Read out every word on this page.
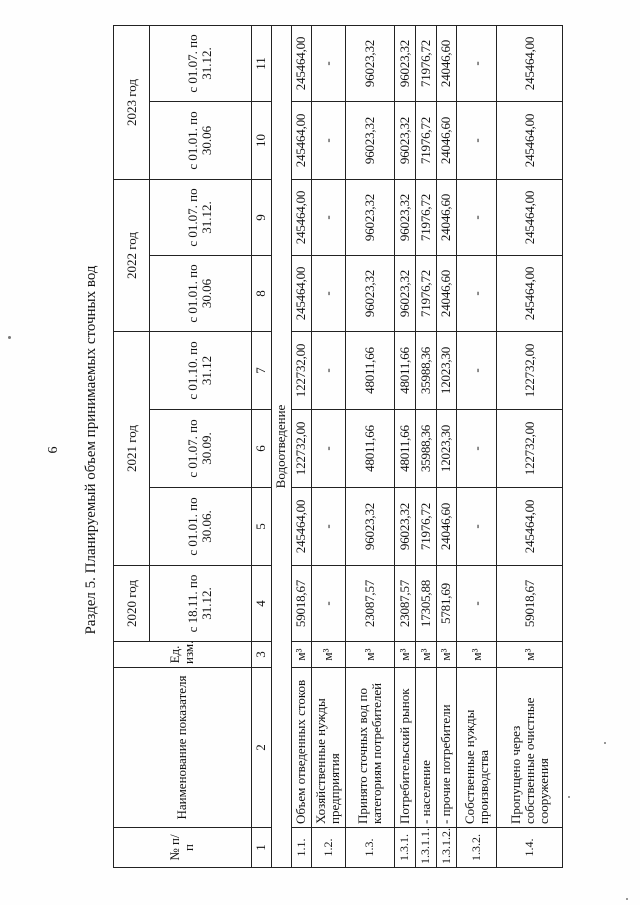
6 Раздел 5. Планируемый объем принимаемых сточных вод
№ п/п	Наименование показателя	Ед. изм.	2020 год	2021 год			2022 год		2023 год	
			с 18.11. по 31.12.	с 01.01. по 30.06.	с 01.07. по 30.09.	с 01.10. по 31.12	с 01.01. по 30.06	с 01.07. по 31.12.	с 01.01. по 30.06	с 01.07. по 31.12.
1	2	3	4	5	6	7	8	9	10	11
Водоотведение										
1.1.	Объем отведенных стоков	м³	59018,67	245464,00	122732,00	122732,00	245464,00	245464,00	245464,00	245464,00
1.2.	Хозяйственные нужды предприятия	м³	-	-	-	-	-	-	-	-
1.3.	Принято сточных вод по категориям потребителей	м³	23087,57	96023,32	48011,66	48011,66	96023,32	96023,32	96023,32	96023,32
1.3.1.	Потребительский рынок	м³	23087,57	96023,32	48011,66	48011,66	96023,32	96023,32	96023,32	96023,32
1.3.1.1.	- население	м³	17305,88	71976,72	35988,36	35988,36	71976,72	71976,72	71976,72	71976,72
1.3.1.2.	- прочие потребители	м³	5781,69	24046,60	12023,30	12023,30	24046,60	24046,60	24046,60	24046,60
1.3.2.	Собственные нужды производства	м³	-	-	-	-	-	-	-	-
1.4.	Пропущено через собственные очистные сооружения	м³	59018,67	245464,00	122732,00	122732,00	245464,00	245464,00	245464,00	245464,00
